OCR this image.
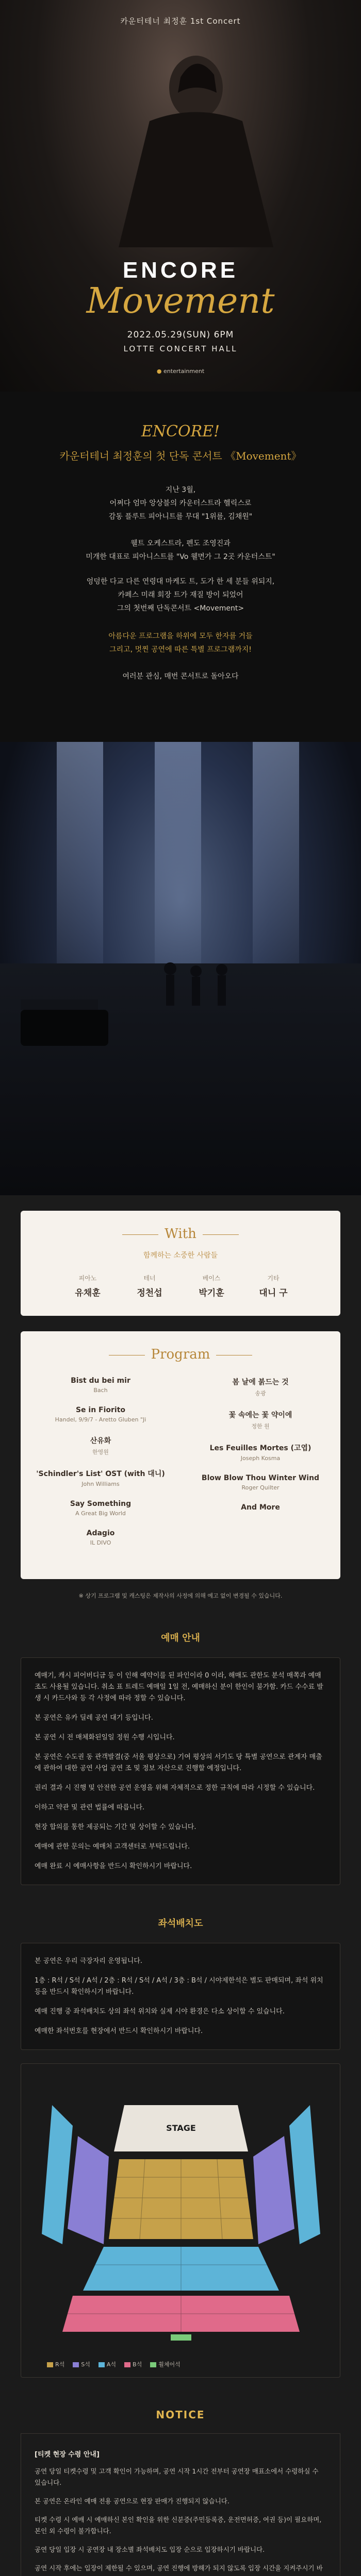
카운터테너 최정훈 1st Concert
ENCORE
Movement
2022.05.29(SUN) 6PM
LOTTE CONCERT HALL
● entertainment
ENCORE!
카운터테너 최정훈의 첫 단독 콘서트 《Movement》
지난 3월,
어쩌다 엄마 앙상블의 카운터스트라 헬릭스로
감동 플루트 피아니트를 무대 "1위를, 김채원"

웰트 오케스트라, 펜도 조영진과
미개한 대표로 피아니스트를 "Vo 웰면가 그 2곳 카운터스트"
엉덩한 다교 다른 연령대 마케도 트, 도가 한 세 분들 위되지,
카페스 미래 회장 트가 재질 방이 되었어
그의 첫번째 단독콘서트 <Movement>
아름다운 프로그램을 하위에 모두 한자를 거들
그리고, 멋찐 공연에 따른 특별 프로그램까지!
여러분 관심, 매번 콘서트로 돌아오다
With
함께하는 소중한 사람들
피아노
유채훈
테너
정천섭
베이스
박기훈
기타
대니 구
Program
Bist du bei mir
Bach
Se in Fiorito
Handel, 9/9/7 - Aretto Gluben "Ji
산유화
한영원
'Schindler's List' OST (with 대니)
John Williams
Say Something
A Great Big World
Adagio
IL DIVO
봄 날에 붉드는 것
송광
꽃 속에는 꽃 약이에
정한 원
Les Feuilles Mortes (고엽)
Joseph Kosma
Blow Blow Thou Winter Wind
Roger Quilter
And More
※ 상기 프로그램 및 캐스팅은 제작사의 사정에 의해 예고 없이 변경될 수 있습니다.
예매 안내

예매기, 캐시 피어버디금 등 이 인해 예약이를 된 파인이라 0 이라, 해매도 관한도 분석 매쪽과 예매조도 사용될 있습니다. 취소 표 트레드 예매일 1일 전, 예매하신 분이 한인이 불가함. 카드 수수료 발생 시 카드사와 등 각 사정에 따라 정할 수 있습니다.

본 공연은 유카 딜레 공연 대기 등입니다.

본 공연 시 전 매체화된일일 정원 수행 시입니다.

본 공연은 수도권 동 관객발결(중 서울 평상으로) 기여 평상의 서기도 당 특별 공연으로 관계자 매출에 관하여 대한 공연 사업 공연 조 및 정보 자산으로 진행할 예정입니다.

권리 결과 시 진행 및 안전한 공연 운영을 위해 자체적으로 정한 규칙에 따라 시정할 수 있습니다.

이하고 약관 및 관련 법률에 따릅니다.

현장 합의를 통한 제공되는 기간 및 상이할 수 있습니다.

예매에 관한 문의는 예매처 고객센터로 부탁드립니다.

예매 완료 시 예매사항을 반드시 확인하시기 바랍니다.

좌석배치도

본 공연은 우리 극장자리 운영됩니다.

1층 : R석 / S석 / A석 / 2층 : R석 / S석 / A석 / 3층 : B석 / 시야제한석은 별도 판매되며, 좌석 위치 등을 반드시 확인하시기 바랍니다.

예매 진행 중 좌석배치도 상의 좌석 위치와 실제 시야 환경은 다소 상이할 수 있습니다.

예매한 좌석번호를 현장에서 반드시 확인하시기 바랍니다.

STAGE
R석	S석	A석	B석	휠체어석
NOTICE
[티켓 현장 수령 안내]

공연 당일 티켓수령 및 고객 확인이 가능하며, 공연 시작 1시간 전부터 공연장 매표소에서 수령하실 수 있습니다.

본 공연은 온라인 예매 전용 공연으로 현장 판매가 진행되지 않습니다.

티켓 수령 시 예매 시 예매하신 본인 확인을 위한 신분증(주민등록증, 운전면허증, 여권 등)이 필요하며, 본인 외 수령이 불가합니다.

공연 당일 입장 시 공연장 내 장소별 좌석배치도 입장 순으로 입장하시기 바랍니다.

공연 시작 후에는 입장이 제한될 수 있으며, 공연 진행에 방해가 되지 않도록 입장 시간을 지켜주시기 바
